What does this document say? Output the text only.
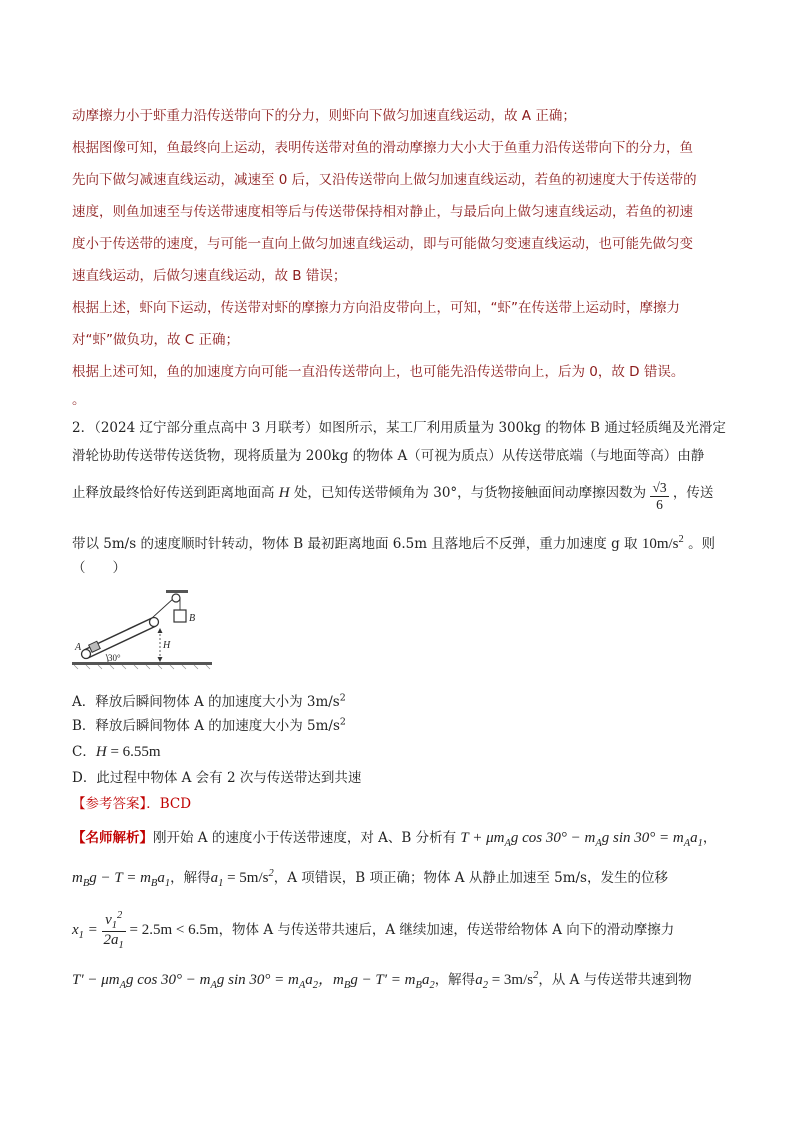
动摩擦力小于虾重力沿传送带向下的分力，则虾向下做匀加速直线运动，故 A 正确；
根据图像可知，鱼最终向上运动，表明传送带对鱼的滑动摩擦力大小大于鱼重力沿传送带向下的分力，鱼
先向下做匀减速直线运动，减速至 0 后，又沿传送带向上做匀加速直线运动，若鱼的初速度大于传送带的
速度，则鱼加速至与传送带速度相等后与传送带保持相对静止，与最后向上做匀速直线运动，若鱼的初速
度小于传送带的速度，与可能一直向上做匀加速直线运动，即与可能做匀变速直线运动，也可能先做匀变
速直线运动，后做匀速直线运动，故 B 错误；
根据上述，虾向下运动，传送带对虾的摩擦力方向沿皮带向上，可知，“虾”在传送带上运动时，摩擦力
对“虾”做负功，故 C 正确；
根据上述可知，鱼的加速度方向可能一直沿传送带向上，也可能先沿传送带向上，后为 0，故 D 错误。
。
2．（2024 辽宁部分重点高中 3 月联考）如图所示，某工厂利用质量为 300kg 的物体 B 通过轻质绳及光滑定
滑轮协助传送带传送货物，现将质量为 200kg 的物体 A（可视为质点）从传送带底端（与地面等高）由静
止释放最终恰好传送到距离地面高 H 处，已知传送带倾角为 30°，与货物接触面间动摩擦因数为 $\frac{√3}{6}$ ，传送
带以 5m/s 的速度顺时针转动，物体 B 最初距离地面 6.5m 且落地后不反弹，重力加速度 g 取 $10m/s^2$ 。则
（　　）
A
30°
B
H
A．释放后瞬间物体 A 的加速度大小为 $3m/s^2$
B．释放后瞬间物体 A 的加速度大小为 $5m/s^2$
C．H = 6.55m
D．此过程中物体 A 会有 2 次与传送带达到共速
【参考答案】．BCD
【名师解析】刚开始 A 的速度小于传送带速度，对 A、B 分析有 $T + \mu m_Ag$ $\cos 30^\circ - m_Ag$ $\sin 30^\circ = m_Aa_1$，
$m_Bg - T = m_Ba_1$，解得$a_1 = 5m/s^2$，A 项错误，B 项正确；物体 A 从静止加速至 5m/s，发生的位移
$x_1 = \frac{v_1^2}{2a_1} = 2.5m < 6.5m$，物体 A 与传送带共速后，A 继续加速，传送带给物体 A 向下的滑动摩擦力
$T' - \mu m_Ag$ $\cos 30^\circ - m_Ag$ $\sin 30^\circ = m_Aa_2$，$m_Bg - T' = m_Ba_2$，解得$a_2 = 3m/s^2$，从 A 与传送带共速到物
